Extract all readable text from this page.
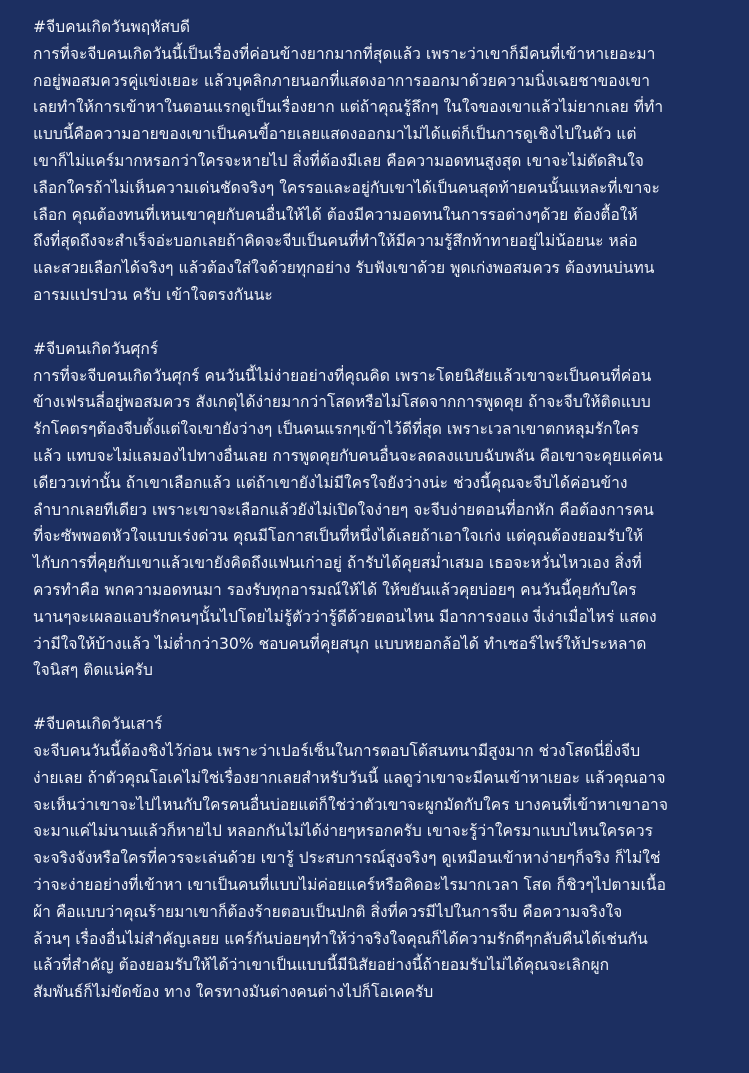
#จีบคนเกิดวันพฤหัสบดี
การที่จะจีบคนเกิดวันนี้เป็นเรื่องที่ค่อนข้างยากมากที่สุดแล้ว เพราะว่าเขาก็มีคนที่เข้าหาเยอะมา
กอยู่พอสมควรคู่แข่งเยอะ แล้วบุคลิกภายนอกที่แสดงอาการออกมาด้วยความนิ่งเฉยชาของเขา
เลยทำให้การเข้าหาในตอนแรกดูเป็นเรื่องยาก แต่ถ้าคุณรู้ลึกๆ ในใจของเขาแล้วไม่ยากเลย ที่ทำ
แบบนี้คือความอายของเขาเป็นคนขี้อายเลยแสดงออกมาไม่ได้แต่ก็เป็นการดูเชิงไปในตัว แต่
เขาก็ไม่แคร์มากหรอกว่าใครจะหายไป สิ่งที่ต้องมีเลย คือความอดทนสูงสุด เขาจะไม่ตัดสินใจ
เลือกใครถ้าไม่เห็นความเด่นชัดจริงๆ ใครรอและอยู่กับเขาได้เป็นคนสุดท้ายคนนั้นแหละที่เขาจะ
เลือก คุณต้องทนที่เหนเขาคุยกับคนอื่นให้ได้ ต้องมีความอดทนในการรอต่างๆด้วย ต้องตื้อให้
ถึงที่สุดถึงจะสำเร็จอ่ะบอกเลยถ้าคิดจะจีบเป็นคนที่ทำให้มีความรู้สึกท้าทายอยู่ไม่น้อยนะ หล่อ
และสวยเลือกได้จริงๆ แล้วต้องใส่ใจด้วยทุกอย่าง รับฟังเขาด้วย พูดเก่งพอสมควร ต้องทนบ่นทน
อารมแปรปวน ครับ เข้าใจตรงกันนะ
#จีบคนเกิดวันศุกร์
การที่จะจีบคนเกิดวันศุกร์ คนวันนี้ไม่ง่ายอย่างที่คุณคิด เพราะโดยนิสัยแล้วเขาจะเป็นคนที่ค่อน
ข้างเฟรนลี่อยู่พอสมควร สังเกตุได้ง่ายมากว่าโสดหรือไม่โสดจากการพูดคุย ถ้าจะจีบให้ติดแบบ
รักโคตรๆต้องจีบตั้งแต่ใจเขายังว่างๆ เป็นคนแรกๆเข้าไว้ดีที่สุด เพราะเวลาเขาตกหลุมรักใคร
แล้ว แทบจะไม่แลมองไปทางอื่นเลย การพูดคุยกับคนอื่นจะลดลงแบบฉับพลัน คือเขาจะคุยแค่คน
เดียววเท่านั้น ถ้าเขาเลือกแล้ว แต่ถ้าเขายังไม่มีใครใจยังว่างน่ะ ช่วงนี้คุณจะจีบได้ค่อนข้าง
ลำบากเลยทีเดียว เพราะเขาจะเลือกแล้วยังไม่เปิดใจง่ายๆ จะจีบง่ายตอนที่อกหัก คือต้องการคน
ที่จะซัพพอตหัวใจแบบเร่งด่วน คุณมีโอกาสเป็นที่หนึ่งได้เลยถ้าเอาใจเก่ง แต่คุณต้องยอมรับให้
ไกับการที่คุยกับเขาแล้วเขายังคิดถึงแฟนเก่าอยู่ ถ้ารับได้คุยสม่ำเสมอ เธอจะหวั่นไหวเอง สิ่งที่
ควรทำคือ พกความอดทนมา รองรับทุกอารมณ์ให้ได้ ให้ขยันแล้วคุยบ่อยๆ คนวันนี้คุยกับใคร
นานๆจะเผลอแอบรักคนๆนั้นไปโดยไม่รู้ตัวว่ารู้ดีด้วยตอนไหน มีอาการงอแง งี่เง่าเมื่อไหร่ แสดง
ว่ามีใจให้บ้างแล้ว ไม่ต่ำกว่า30% ชอบคนที่คุยสนุก แบบหยอกล้อได้ ทำเซอร์ไพร์ให้ประหลาด
ใจนิสๆ ติดแน่ครับ
#จีบคนเกิดวันเสาร์
จะจีบคนวันนี้ต้องชิงไว้ก่อน เพราะว่าเปอร์เซ็นในการตอบโต้สนทนามีสูงมาก ช่วงโสดนี่ยิ่งจีบ
ง่ายเลย ถ้าตัวคุณโอเคไม่ใช่เรื่องยากเลยสำหรับวันนี้ แลดูว่าเขาจะมีคนเข้าหาเยอะ แล้วคุณอาจ
จะเห็นว่าเขาจะไปไหนกับใครคนอื่นบ่อยแต่ก็ใช่ว่าตัวเขาจะผูกมัดกับใคร บางคนที่เข้าหาเขาอาจ
จะมาแค่ไม่นานแล้วก็หายไป หลอกกันไม่ได้ง่ายๆหรอกครับ เขาจะรู้ว่าใครมาแบบไหนใครควร
จะจริงจังหรือใครที่ควรจะเล่นด้วย เขารู้ ประสบการณ์สูงจริงๆ ดูเหมือนเข้าหาง่ายๆก็จริง ก็ไม่ใช่
ว่าจะง่ายอย่างที่เข้าหา เขาเป็นคนที่แบบไม่ค่อยแคร์หรือคิดอะไรมากเวลา โสด ก็ชิวๆไปตามเนื้อ
ผ้า คือแบบว่าคุณร้ายมาเขาก็ต้องร้ายตอบเป็นปกติ สิ่งที่ควรมีไปในการจีบ คือความจริงใจ
ล้วนๆ เรื่องอื่นไม่สำคัญเลยย แคร์กันบ่อยๆทำให้ว่าจริงใจคุณก็ได้ความรักดีๆกลับคืนได้เช่นกัน
แล้วที่สำคัญ ต้องยอมรับให้ได้ว่าเขาเป็นแบบนี้มีนิสัยอย่างนี้ถ้ายอมรับไม่ได้คุณจะเลิกผูก
สัมพันธ์ก็ไม่ขัดข้อง ทาง ใครทางมันต่างคนต่างไปก็โอเคครับ
